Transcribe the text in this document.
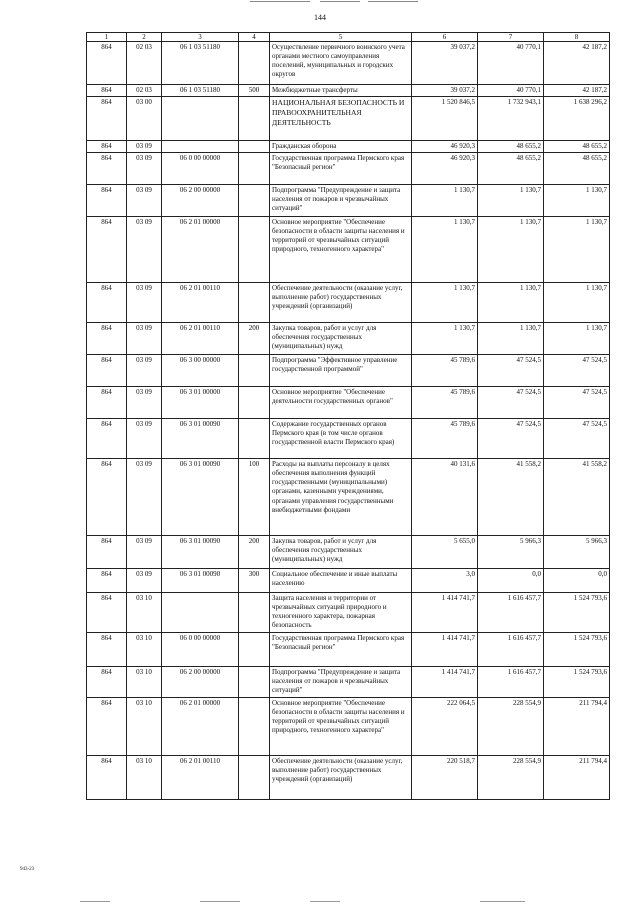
144
1	2	3	4	5	6	7	8
864	02 03	06 1 03 51180		Осуществление первичного воинского учета органами местного самоуправления поселений, муниципальных и городских округов	39 037,2	40 770,1	42 187,2
864	02 03	06 1 03 51180	500	Межбюджетные трансферты	39 037,2	40 770,1	42 187,2
864	03 00			НАЦИОНАЛЬНАЯ БЕЗОПАСНОСТЬ И ПРАВООХРАНИТЕЛЬНАЯ ДЕЯТЕЛЬНОСТЬ	1 520 846,5	1 732 943,1	1 638 296,2
864	03 09			Гражданская оборона	46 920,3	48 655,2	48 655,2
864	03 09	06 0 00 00000		Государственная программа Пермского края "Безопасный регион"	46 920,3	48 655,2	48 655,2
864	03 09	06 2 00 00000		Подпрограмма "Предупреждение и защита населения от пожаров и чрезвычайных ситуаций"	1 130,7	1 130,7	1 130,7
864	03 09	06 2 01 00000		Основное мероприятие "Обеспечение безопасности в области защиты населения и территорий от чрезвычайных ситуаций природного, техногенного характера"	1 130,7	1 130,7	1 130,7
864	03 09	06 2 01 00110		Обеспечение деятельности (оказание услуг, выполнение работ) государственных учреждений (организаций)	1 130,7	1 130,7	1 130,7
864	03 09	06 2 01 00110	200	Закупка товаров, работ и услуг для обеспечения государственных (муниципальных) нужд	1 130,7	1 130,7	1 130,7
864	03 09	06 3 00 00000		Подпрограмма "Эффективное управление государственной программой"	45 789,6	47 524,5	47 524,5
864	03 09	06 3 01 00000		Основное мероприятие "Обеспечение деятельности государственных органов"	45 789,6	47 524,5	47 524,5
864	03 09	06 3 01 00090		Содержание государственных органов Пермского края (в том числе органов государственной власти Пермского края)	45 789,6	47 524,5	47 524,5
864	03 09	06 3 01 00090	100	Расходы на выплаты персоналу в целях обеспечения выполнения функций государственными (муниципальными) органами, казенными учреждениями, органами управления государственными внебюджетными фондами	40 131,6	41 558,2	41 558,2
864	03 09	06 3 01 00090	200	Закупка товаров, работ и услуг для обеспечения государственных (муниципальных) нужд	5 655,0	5 966,3	5 966,3
864	03 09	06 3 01 00090	300	Социальное обеспечение и иные выплаты населению	3,0	0,0	0,0
864	03 10			Защита населения и территории от чрезвычайных ситуаций природного и техногенного характера, пожарная безопасность	1 414 741,7	1 616 457,7	1 524 793,6
864	03 10	06 0 00 00000		Государственная программа Пермского края "Безопасный регион"	1 414 741,7	1 616 457,7	1 524 793,6
864	03 10	06 2 00 00000		Подпрограмма "Предупреждение и защита населения от пожаров и чрезвычайных ситуаций"	1 414 741,7	1 616 457,7	1 524 793,6
864	03 10	06 2 01 00000		Основное мероприятие "Обеспечение безопасности в области защиты населения и территорий от чрезвычайных ситуаций природного, техногенного характера"	222 064,5	228 554,9	211 794,4
864	03 10	06 2 01 00110		Обеспечение деятельности (оказание услуг, выполнение работ) государственных учреждений (организаций)	220 518,7	228 554,9	211 794,4
943-23
